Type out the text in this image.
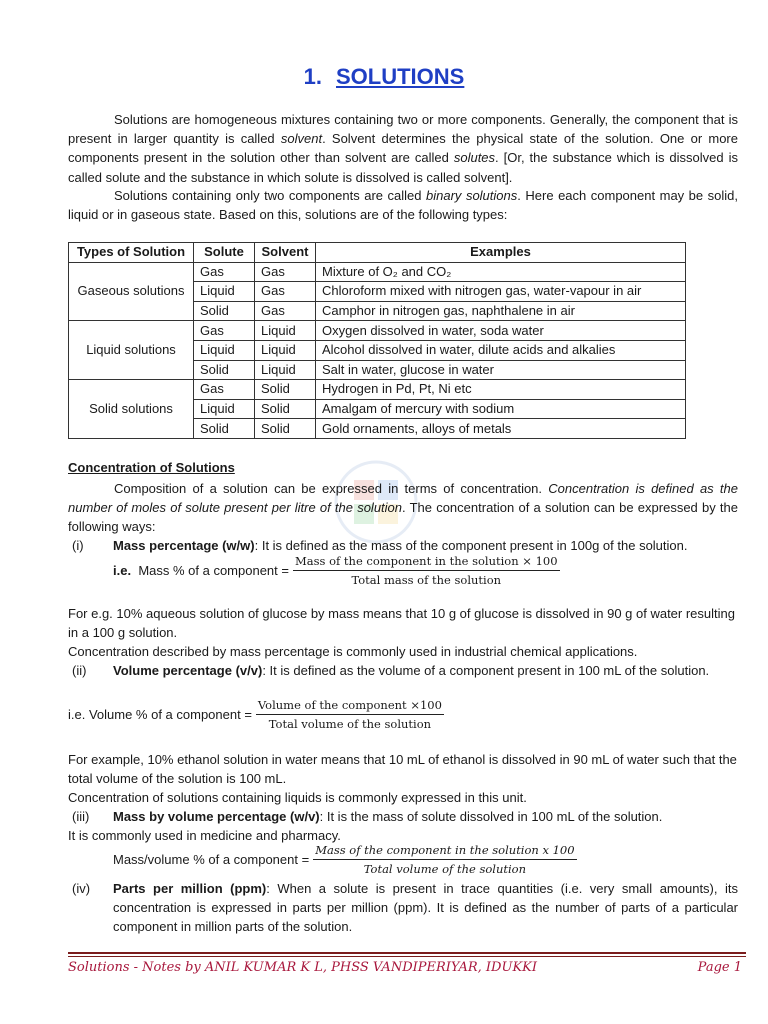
1. SOLUTIONS
Solutions are homogeneous mixtures containing two or more components. Generally, the component that is present in larger quantity is called solvent. Solvent determines the physical state of the solution. One or more components present in the solution other than solvent are called solutes. [Or, the substance which is dissolved is called solute and the substance in which solute is dissolved is called solvent].
Solutions containing only two components are called binary solutions. Here each component may be solid, liquid or in gaseous state. Based on this, solutions are of the following types:
Types of Solution	Solute	Solvent	Examples
Gaseous solutions	Gas	Gas	Mixture of O₂ and CO₂
	Liquid	Gas	Chloroform mixed with nitrogen gas, water-vapour in air
	Solid	Gas	Camphor in nitrogen gas, naphthalene in air
Liquid solutions	Gas	Liquid	Oxygen dissolved in water, soda water
	Liquid	Liquid	Alcohol dissolved in water, dilute acids and alkalies
	Solid	Liquid	Salt in water, glucose in water
Solid solutions	Gas	Solid	Hydrogen in Pd, Pt, Ni etc
	Liquid	Solid	Amalgam of mercury with sodium
	Solid	Solid	Gold ornaments, alloys of metals
Concentration of Solutions
Composition of a solution can be expressed in terms of concentration. Concentration is defined as the number of moles of solute present per litre of the solution. The concentration of a solution can be expressed by the following ways:
(i) Mass percentage (w/w): It is defined as the mass of the component present in 100g of the solution.
i.e.
Mass % of a component = $\frac{\text{Mass of the component in the solution × 100}}{\text{Total mass of the solution}}$
For e.g. 10% aqueous solution of glucose by mass means that 10 g of glucose is dissolved in 90 g of water resulting in a 100 g solution.
Concentration described by mass percentage is commonly used in industrial chemical applications.
(ii) Volume percentage (v/v): It is defined as the volume of a component present in 100 mL of the solution.
i.e. Volume % of a component = $\frac{\text{Volume of the component ×100}}{\text{Total volume of the solution}}$
For example, 10% ethanol solution in water means that 10 mL of ethanol is dissolved in 90 mL of water such that the total volume of the solution is 100 mL.
Concentration of solutions containing liquids is commonly expressed in this unit.
(iii) Mass by volume percentage (w/v): It is the mass of solute dissolved in 100 mL of the solution.
It is commonly used in medicine and pharmacy.
Mass/volume % of a component = $\frac{\text{Mass of the component in the solution x 100}}{\text{Total volume of the solution}}$
(iv) Parts per million (ppm): When a solute is present in trace quantities (i.e. very small amounts), its concentration is expressed in parts per million (ppm). It is defined as the number of parts of a particular component in million parts of the solution.
Solutions - Notes by ANIL KUMAR K L, PHSS VANDIPERIYAR, IDUKKI	Page 1
